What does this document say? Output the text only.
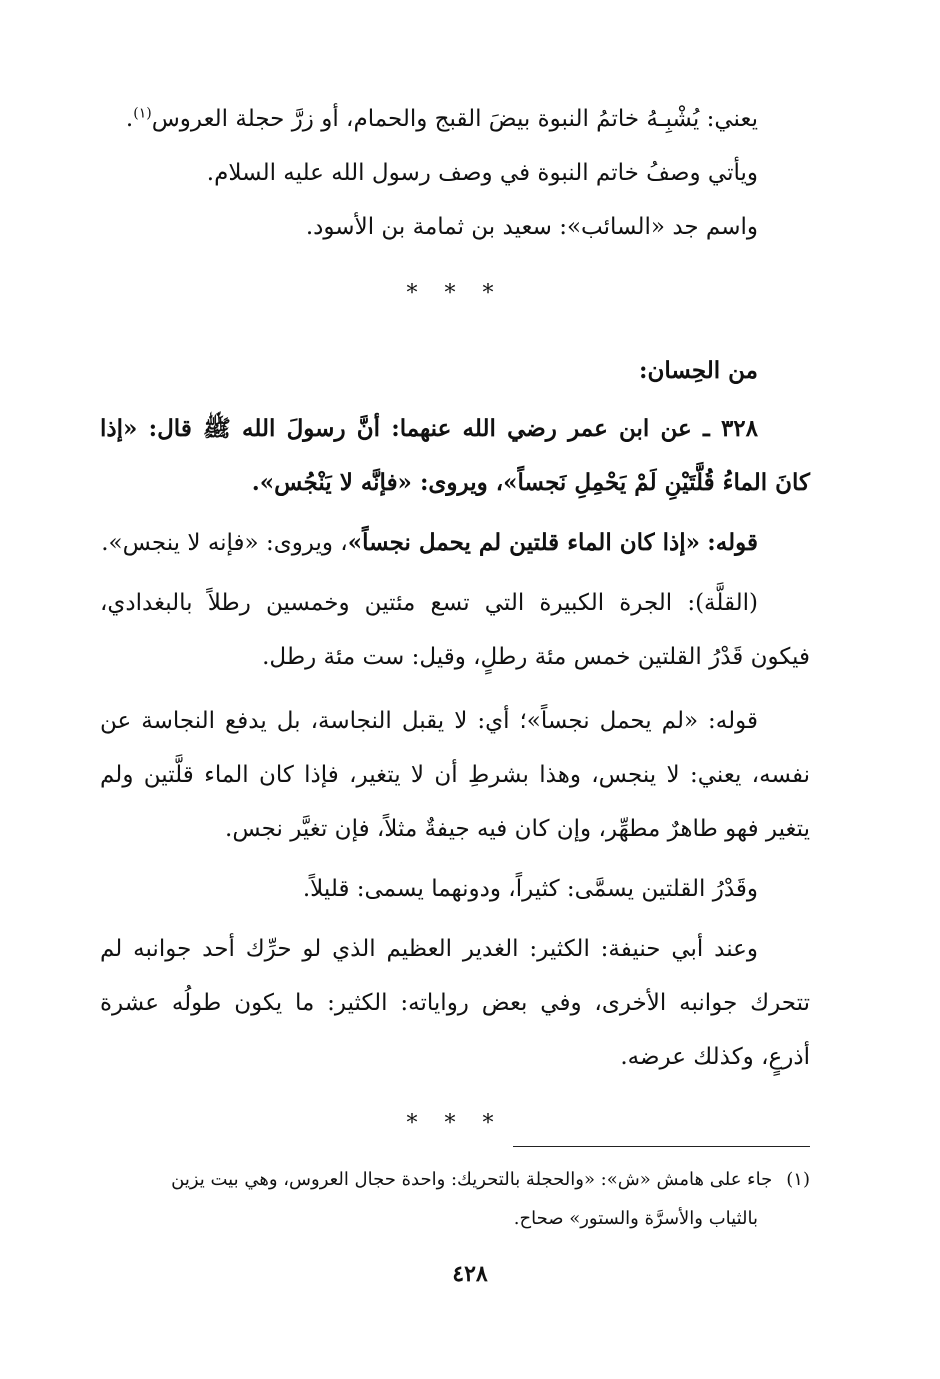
يعني: يُشْبِـهُ خاتمُ النبوة بيضَ القبج والحمام، أو زرَّ حجلة العروس$^{(١)}$.

ويأتي وصفُ خاتم النبوة في وصف رسول الله عليه السلام.

واسم جد «السائب»: سعيد بن ثمامة بن الأسود.

* * *
من الحِسان:

٣٢٨ ـ عن ابن عمر رضي الله عنهما: أنَّ رسولَ الله ﷺ قال: «إذا كانَ الماءُ قُلَّتَيْنِ لَمْ يَحْمِلِ نَجساً»، ويروى: «فإنَّه لا يَنْجُس».

قوله: «إذا كان الماء قلتين لم يحمل نجساً»، ويروى: «فإنه لا ينجس».

(القلَّة): الجرة الكبيرة التي تسع مئتين وخمسين رطلاً بالبغدادي، فيكون قَدْرُ القلتين خمس مئة رطلٍ، وقيل: ست مئة رطل.

قوله: «لم يحمل نجساً»؛ أي: لا يقبل النجاسة، بل يدفع النجاسة عن نفسه، يعني: لا ينجس، وهذا بشرطِ أن لا يتغير، فإذا كان الماء قلَّتين ولم يتغير فهو طاهرٌ مطهِّر، وإن كان فيه جيفةٌ مثلاً، فإن تغيَّر نجس.

وقَدْرُ القلتين يسمَّى: كثيراً، ودونهما يسمى: قليلاً.

وعند أبي حنيفة: الكثير: الغدير العظيم الذي لو حرِّك أحد جوانبه لم تتحرك جوانبه الأخرى، وفي بعض رواياته: الكثير: ما يكون طولُه عشرة أذرعٍ، وكذلك عرضه.

* * *
(١)جاء على هامش «ش»: «والحجلة بالتحريك: واحدة حجال العروس، وهي بيت يزين
بالثياب والأسرَّة والستور» صحاح.
٤٢٨
